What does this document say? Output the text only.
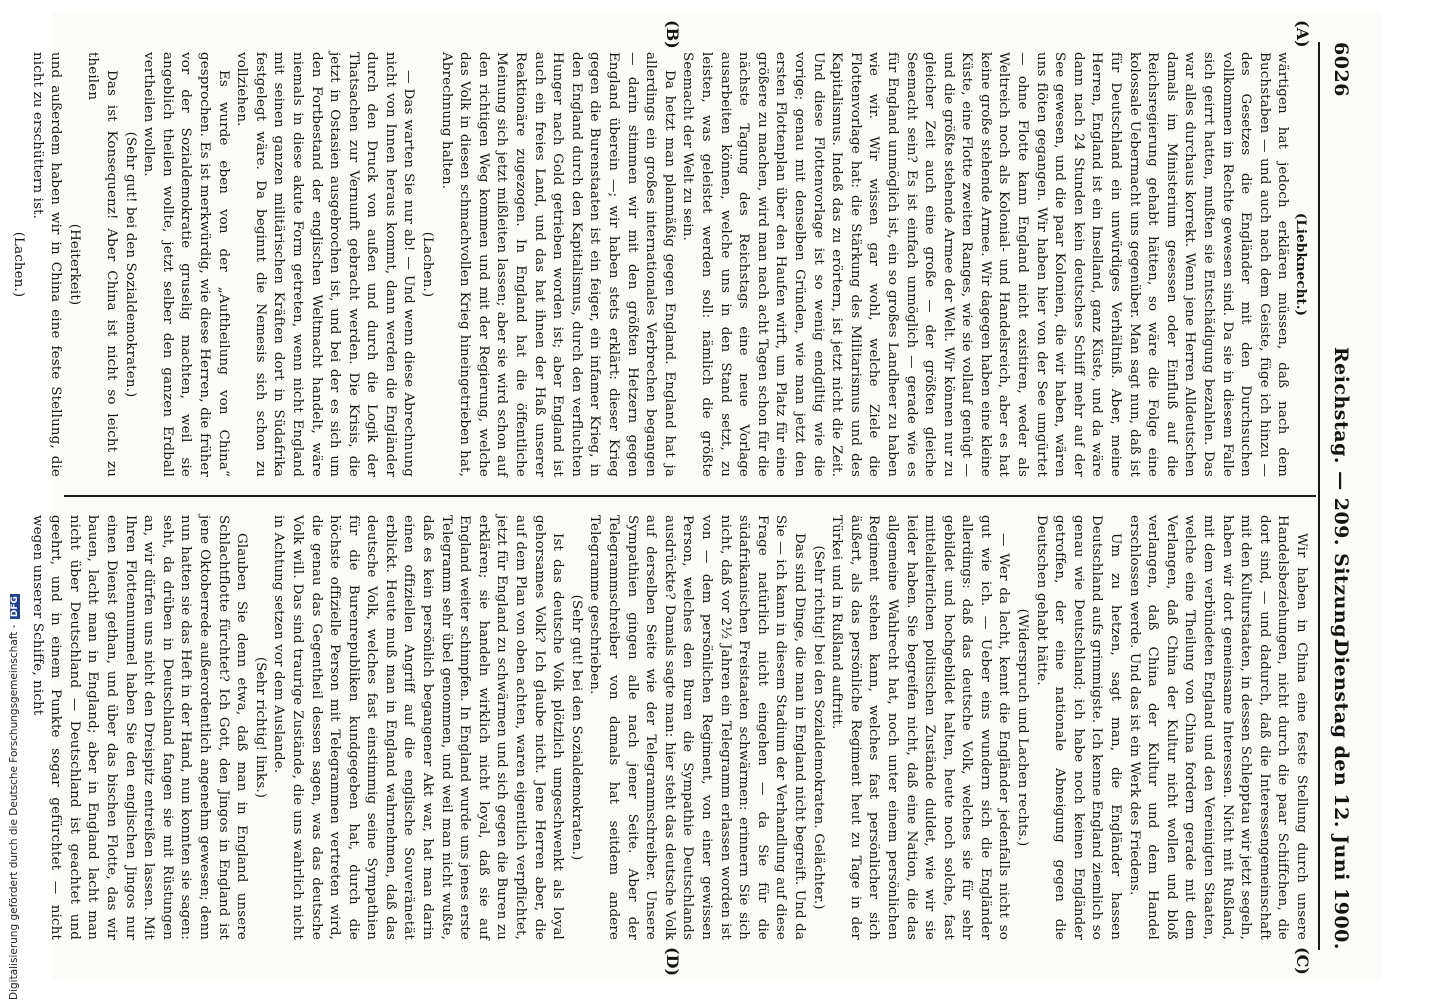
6026
Reichstag. — 209. Sitzung.
Dienstag den 12. Juni 1900.
(A)
(B)
(C)
(D)

(Liebknecht.)

wärtigen hat jedoch erklären müssen, daß nach dem Buchstaben — und auch nach dem Geiste, füge ich hinzu — des Gesetzes die Engländer mit den Durchsuchen vollkommen im Rechte gewesen sind. Da sie in diesem Falle sich geirrt hatten, mußten sie Entschädigung bezahlen. Das war alles durchaus korrekt. Wenn jene Herren Alldeutschen damals im Ministerium gesessen oder Einfluß auf die Reichsregierung gehabt hätten, so wäre die Folge eine kolossale Uebermacht uns gegenüber. Man sagt nun, daß ist für Deutschland ein unwürdiges Verhältniß. Aber, meine Herren, England ist ein Inselland, ganz Küste, und da wäre dann nach 24 Stunden kein deutsches Schiff mehr auf der See gewesen, und die paar Kolonien, die wir haben, wären uns flöten gegangen. Wir haben hier von der See umgürtet — ohne Flotte kann England nicht existiren, weder als Weltreich noch als Kolonial- und Handelsreich, aber es hat keine große stehende Armee. Wir dagegen haben eine kleine Küste, eine Flotte zweiten Ranges, wie sie vollauf genügt — und die größte stehende Armee der Welt. Wir können nur zu gleicher Zeit auch eine große — der größten gleiche Seemacht sein? Es ist einfach unmöglich — gerade wie es für England unmöglich ist, ein so großes Landheer zu haben wie wir. Wir wissen gar wohl, welche Ziele die Flottenvorlage hat: die Stärkung des Militarismus und des Kapitalismus. Indeß das zu erörtern, ist jetzt nicht die Zeit. Und diese Flottenvorlage ist so wenig endgiltig wie die vorige; genau mit denselben Gründen, wie man jetzt den ersten Flottenplan über den Haufen wirft, um Platz für eine größere zu machen, wird man nach acht Tagen schon für die nächste Tagung des Reichstags eine neue Vorlage ausarbeiten können, welche uns in den Stand setzt, zu leisten, was geleistet werden soll: nämlich die größte Seemacht der Welt zu sein.

Da hetzt man planmäßig gegen England. England hat ja allerdings ein großes internationales Verbrechen begangen — darin stimmen wir mit den größten Hetzern gegen England überein —; wir haben stets erklärt: dieser Krieg gegen die Burenstaaten ist ein feiger, ein infamer Krieg, in den England durch den Kapitalismus, durch den verfluchten Hunger nach Gold getrieben worden ist; aber England ist auch ein freies Land, und das hat ihnen der Haß unserer Reaktionäre zugezogen. In England hat die öffentliche Meinung sich jetzt mißleiten lassen; aber sie wird schon auf den richtigen Weg kommen und mit der Regierung, welche das Volk in diesen schmachvollen Krieg hineingetrieben hat, Abrechnung halten.

(Lachen.)

— Das warten Sie nur ab! — Und wenn diese Abrechnung nicht von Innen heraus kommt, dann werden die Engländer durch den Druck von außen und durch die Logik der Thatsachen zur Vernunft gebracht werden. Die Krisis, die jetzt in Ostasien ausgebrochen ist, und bei der es sich um den Fortbestand der englischen Weltmacht handelt, wäre niemals in diese akute Form getreten, wenn nicht England mit seinen ganzen militärischen Kräften dort in Südafrika festgelegt wäre. Da beginnt die Nemesis sich schon zu vollziehen.

Es wurde eben von der „Auftheilung von China“ gesprochen. Es ist merkwürdig, wie diese Herren, die früher vor der Sozialdemokratie gruselig machten, weil sie angeblich theilen wollte, jetzt selber den ganzen Erdball vertheilen wollen.

(Sehr gut! bei den Sozialdemokraten.)

Das ist Konsequenz! Aber China ist nicht so leicht zu theilen

(Heiterkeit)

und außerdem haben wir in China eine feste Stellung, die nicht zu erschüttern ist.

(Lachen.)

Wir haben in China eine feste Stellung durch unsere Handelsbeziehungen, nicht durch die paar Schiffchen, die dort sind, — und dadurch, daß die Interessengemeinschaft mit den Kulturstaaten, in dessen Schlepptau wir jetzt segeln, haben wir dort gemeinsame Interessen. Nicht mit Rußland, mit dem verbündeten England und den Vereinigten Staaten, welche eine Theilung von China fordern gerade mit dem Verlangen, daß China der Kultur nicht wollen und bloß verlangen, daß China der Kultur und dem Handel erschlossen werde. Und das ist ein Werk des Friedens.

Um zu hetzen, sagt man, die Engländer hassen Deutschland aufs grimmigste. Ich kenne England ziemlich so genau wie Deutschland; ich habe noch keinen Engländer getroffen, der eine nationale Abneigung gegen die Deutschen gehabt hätte.

(Widerspruch und Lachen rechts.)

— Wer da lacht, kennt die Engländer jedenfalls nicht so gut wie ich. — Ueber eins wundern sich die Engländer allerdings: daß das deutsche Volk, welches sie für sehr gebildet und hochgebildet halten, heute noch solche, fast mittelalterlichen politischen Zustände duldet, wie wir sie leider haben. Sie begreifen nicht, daß eine Nation, die das allgemeine Wahlrecht hat, noch unter einem persönlichen Regiment stehen kann, welches fast persönlicher sich äußert, als das persönliche Regiment heut zu Tage in der Türkei und in Rußland auftritt.

(Sehr richtig! bei den Sozialdemokraten. Gelächter.)

Das sind Dinge, die man in England nicht begreift. Und da Sie — ich kann in diesem Stadium der Verhandlung auf diese Frage natürlich nicht eingehen — da Sie für die südafrikanischen Freistaaten schwärmen: erinnern Sie sich nicht, daß vor 2½ Jahren ein Telegramm erlassen worden ist von — dem persönlichen Regiment, von einer gewissen Person, welches den Buren die Sympathie Deutschlands ausdrückte? Damals sagte man: hier steht das deutsche Volk auf derselben Seite wie der Telegrammschreiber. Unsere Sympathien gingen alle nach jener Seite. Aber der Telegrammschreiber von damals hat seitdem andere Telegramme geschrieben.

(Sehr gut! bei den Sozialdemokraten.)

Ist das deutsche Volk plötzlich umgeschwenkt als loyal gehorsames Volk? Ich glaube nicht. Jene Herren aber, die auf dem Plan von oben achten, waren eigentlich verpflichtet, jetzt für England zu schwärmen und sich gegen die Buren zu erklären; sie handeln wirklich nicht loyal, daß sie auf England weiter schimpfen. In England wurde uns jenes erste Telegramm sehr übel genommen, und weil man nicht wußte, daß es kein persönlich begangener Akt war, hat man darin einen offiziellen Angriff auf die englische Souveränetät erblickt. Heute muß man in England wahrnehmen, daß das deutsche Volk, welches fast einstimmig seine Sympathien für die Burenrepubliken kundgegeben hat, durch die höchste offizielle Person mit Telegrammen vertreten wird, die genau das Gegentheil dessen sagen, was das deutsche Volk will. Das sind traurige Zustände, die uns wahrlich nicht in Achtung setzen vor dem Auslande.

(Sehr richtig! links.)

Glauben Sie denn etwa, daß man in England unsere Schlachtflotte fürchtet? Ich Gott, den Jingos in England ist jene Oktoberrede außerordentlich angenehm gewesen; denn nun hatten sie das Heft in der Hand, nun konnten sie sagen: seht, da drüben in Deutschland fangen sie mit Rüstungen an, wir dürfen uns nicht den Dreispitz entreißen lassen. Mit Ihren Flottennummel haben Sie den englischen Jingos nur einen Dienst gethan, und über das bischen Flotte, das wir bauen, lacht man in England; aber in England lacht man nicht über Deutschland — Deutschland ist geachtet und geehrt, und in einem Punkte sogar gefürchtet — nicht wegen unserer Schiffe, nicht

Digitalisierung gefördert durch die Deutsche Forschungsgemeinschaft - DFG
